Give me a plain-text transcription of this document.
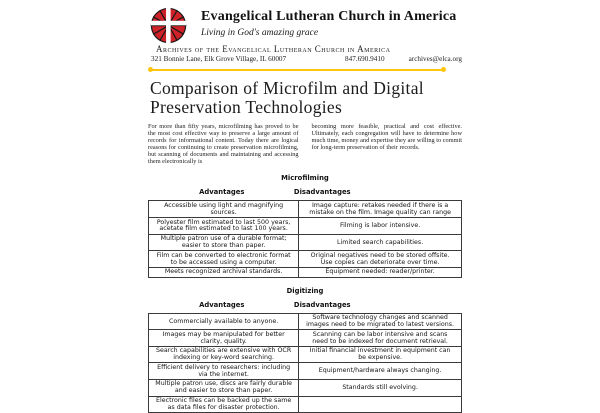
Evangelical Lutheran Church in America
Living in God's amazing grace
Archives of the Evangelical Lutheran Church in America
321 Bonnie Lane, Elk Grove Village, IL 60007	847.690.9410	archives@elca.org
Comparison of Microfilm and Digital
Preservation Technologies

For more than fifty years, microfilming has proved to be the most cost effective way to preserve a large amount of records for informational content. Today there are logical reasons for continuing to create preservation microfilming, but scanning of documents and maintaining and accessing them electronically is

becoming more feasible, practical and cost effective. Ultimately, each congregation will have to determine how much time, money and expertise they are willing to commit for long-term preservation of their records.

Microfilming
Advantages	Disadvantages
Accessible using light and magnifying sources.	Image capture: retakes needed if there is a mistake on the film. Image quality can range
Polyester film estimated to last 500 years, acetate film estimated to last 100 years.	Filming is labor intensive.
Multiple patron use of a durable format; easier to store than paper.	Limited search capabilities.
Film can be converted to electronic format to be accessed using a computer.	Original negatives need to be stored offsite. Use copies can deteriorate over time.
Meets recognized archival standards.	Equipment needed: reader/printer.
Digitizing
Advantages	Disadvantages
Commercially available to anyone.	Software technology changes and scanned images need to be migrated to latest versions.
Images may be manipulated for better clarity, quality.	Scanning can be labor intensive and scans need to be indexed for document retrieval.
Search capabilities are extensive with OCR indexing or key-word searching.	Initial financial investment in equipment can be expensive.
Efficient delivery to researchers: including via the internet.	Equipment/hardware always changing.
Multiple patron use, discs are fairly durable and easier to store than paper.	Standards still evolving.
Electronic files can be backed up the same as data files for disaster protection.	
